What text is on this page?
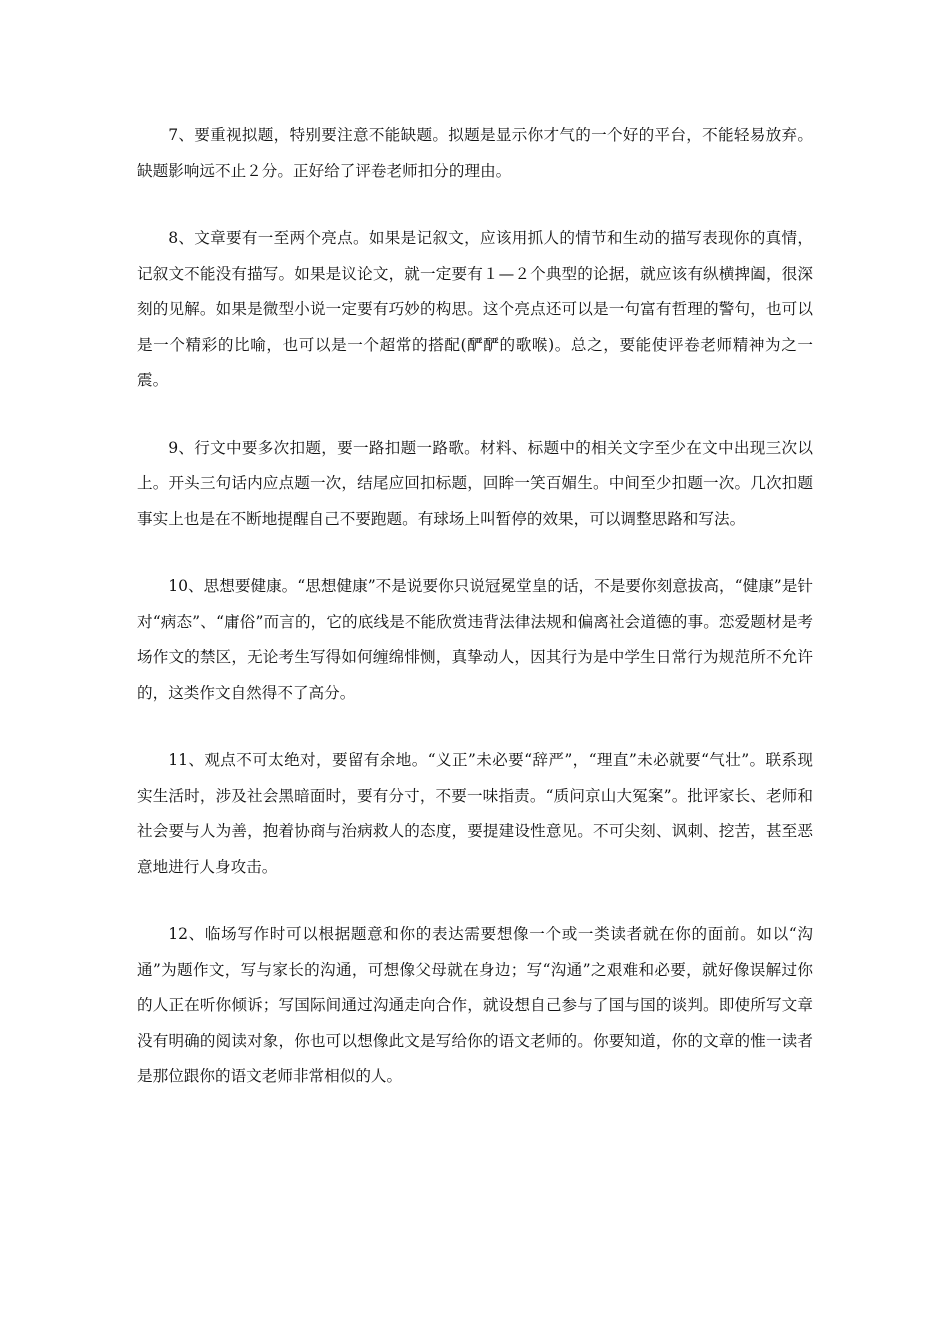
7、要重视拟题，特别要注意不能缺题。拟题是显示你才气的一个好的平台，不能轻易放弃。缺题影响远不止２分。正好给了评卷老师扣分的理由。

8、文章要有一至两个亮点。如果是记叙文，应该用抓人的情节和生动的描写表现你的真情，记叙文不能没有描写。如果是议论文，就一定要有１—２个典型的论据，就应该有纵横捭阖，很深刻的见解。如果是微型小说一定要有巧妙的构思。这个亮点还可以是一句富有哲理的警句，也可以是一个精彩的比喻，也可以是一个超常的搭配(酽酽的歌喉)。总之，要能使评卷老师精神为之一震。

9、行文中要多次扣题，要一路扣题一路歌。材料、标题中的相关文字至少在文中出现三次以上。开头三句话内应点题一次，结尾应回扣标题，回眸一笑百媚生。中间至少扣题一次。几次扣题事实上也是在不断地提醒自己不要跑题。有球场上叫暂停的效果，可以调整思路和写法。

10、思想要健康。“思想健康”不是说要你只说冠冕堂皇的话，不是要你刻意拔高，“健康”是针对“病态”、“庸俗”而言的，它的底线是不能欣赏违背法律法规和偏离社会道德的事。恋爱题材是考场作文的禁区，无论考生写得如何缠绵悱恻，真挚动人，因其行为是中学生日常行为规范所不允许的，这类作文自然得不了高分。

11、观点不可太绝对，要留有余地。“义正”未必要“辞严”，“理直”未必就要“气壮”。联系现实生活时，涉及社会黑暗面时，要有分寸，不要一味指责。“质问京山大冤案”。批评家长、老师和社会要与人为善，抱着协商与治病救人的态度，要提建设性意见。不可尖刻、讽刺、挖苦，甚至恶意地进行人身攻击。

12、临场写作时可以根据题意和你的表达需要想像一个或一类读者就在你的面前。如以“沟通”为题作文，写与家长的沟通，可想像父母就在身边；写“沟通”之艰难和必要，就好像误解过你的人正在听你倾诉；写国际间通过沟通走向合作，就设想自己参与了国与国的谈判。即使所写文章没有明确的阅读对象，你也可以想像此文是写给你的语文老师的。你要知道，你的文章的惟一读者是那位跟你的语文老师非常相似的人。
